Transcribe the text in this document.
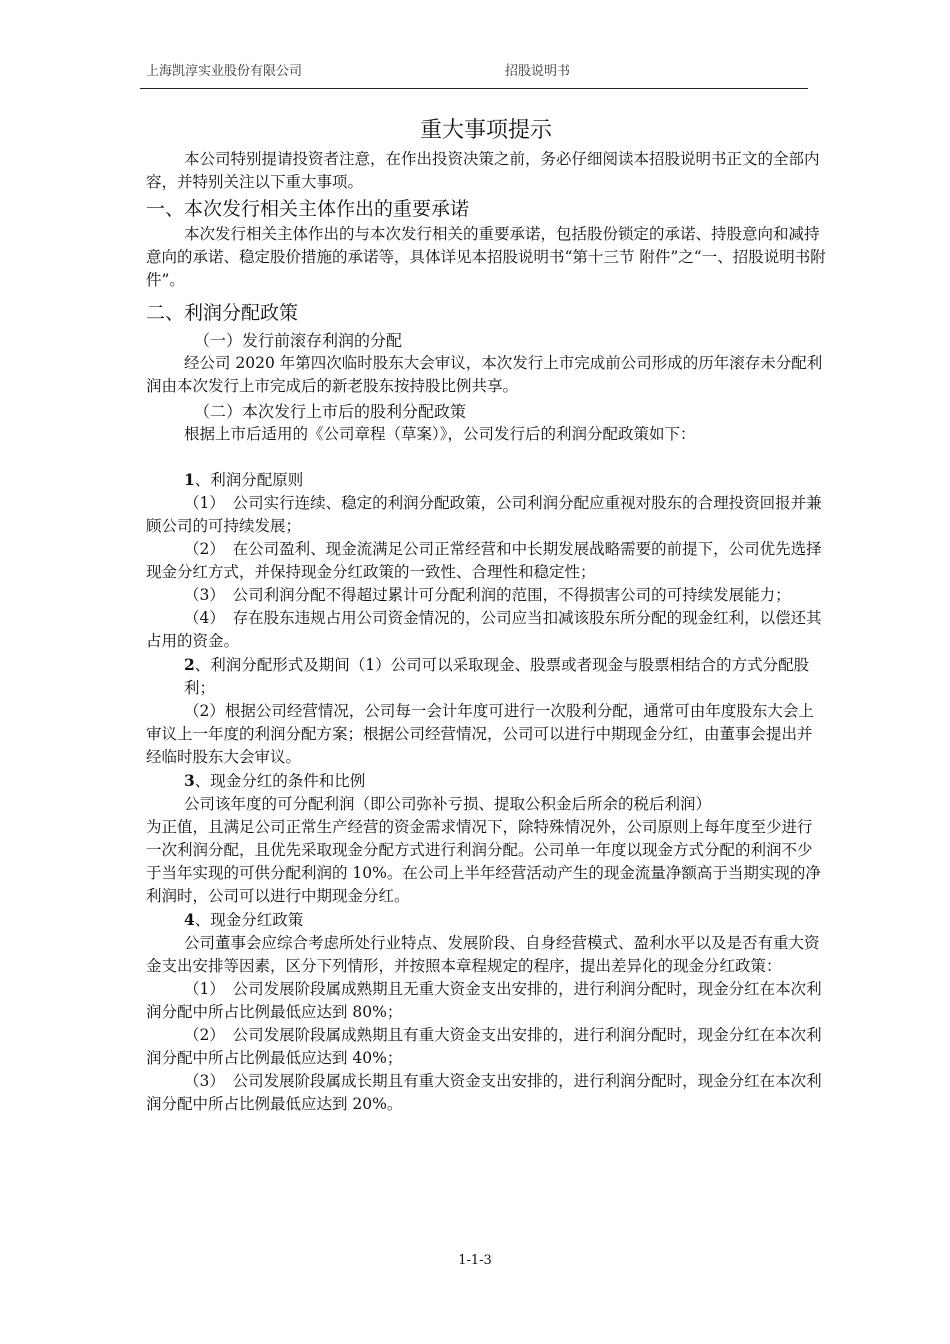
上海凯淳实业股份有限公司	招股说明书
重大事项提示

本公司特别提请投资者注意，在作出投资决策之前，务必仔细阅读本招股说明书正文的全部内容，并特别关注以下重大事项。

一、本次发行相关主体作出的重要承诺

本次发行相关主体作出的与本次发行相关的重要承诺，包括股份锁定的承诺、持股意向和减持意向的承诺、稳定股价措施的承诺等，具体详见本招股说明书“第十三节 附件”之“一、招股说明书附件”。

二、利润分配政策
（一）发行前滚存利润的分配

经公司 2020 年第四次临时股东大会审议，本次发行上市完成前公司形成的历年滚存未分配利润由本次发行上市完成后的新老股东按持股比例共享。

（二）本次发行上市后的股利分配政策

根据上市后适用的《公司章程（草案）》，公司发行后的利润分配政策如下：

1、利润分配原则

（1）　公司实行连续、稳定的利润分配政策，公司利润分配应重视对股东的合理投资回报并兼顾公司的可持续发展；

（2）　在公司盈利、现金流满足公司正常经营和中长期发展战略需要的前提下，公司优先选择现金分红方式，并保持现金分红政策的一致性、合理性和稳定性；

（3）　公司利润分配不得超过累计可分配利润的范围，不得损害公司的可持续发展能力；

（4）　存在股东违规占用公司资金情况的，公司应当扣减该股东所分配的现金红利，以偿还其占用的资金。

2、利润分配形式及期间（1）公司可以采取现金、股票或者现金与股票相结合的方式分配股利；

（2）根据公司经营情况，公司每一会计年度可进行一次股利分配，通常可由年度股东大会上审议上一年度的利润分配方案；根据公司经营情况，公司可以进行中期现金分红，由董事会提出并经临时股东大会审议。

3、现金分红的条件和比例

公司该年度的可分配利润（即公司弥补亏损、提取公积金后所余的税后利润）

为正值，且满足公司正常生产经营的资金需求情况下，除特殊情况外，公司原则上每年度至少进行一次利润分配，且优先采取现金分配方式进行利润分配。公司单一年度以现金方式分配的利润不少于当年实现的可供分配利润的 10%。在公司上半年经营活动产生的现金流量净额高于当期实现的净利润时，公司可以进行中期现金分红。

4、现金分红政策

公司董事会应综合考虑所处行业特点、发展阶段、自身经营模式、盈利水平以及是否有重大资金支出安排等因素，区分下列情形，并按照本章程规定的程序，提出差异化的现金分红政策：

（1）　公司发展阶段属成熟期且无重大资金支出安排的，进行利润分配时，现金分红在本次利润分配中所占比例最低应达到 80%；

（2）　公司发展阶段属成熟期且有重大资金支出安排的，进行利润分配时，现金分红在本次利润分配中所占比例最低应达到 40%；

（3）　公司发展阶段属成长期且有重大资金支出安排的，进行利润分配时，现金分红在本次利润分配中所占比例最低应达到 20%。

1-1-3
